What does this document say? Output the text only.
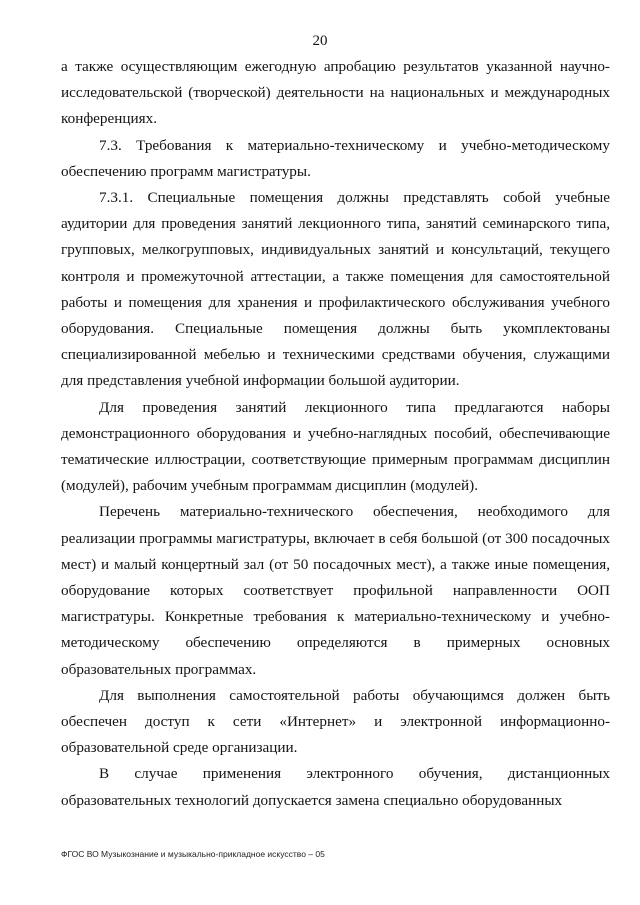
20

а также осуществляющим ежегодную апробацию результатов указанной научно-исследовательской (творческой) деятельности на национальных и международных конференциях.

7.3. Требования к материально-техническому и учебно-методическому обеспечению программ магистратуры.

7.3.1. Специальные помещения должны представлять собой учебные аудитории для проведения занятий лекционного типа, занятий семинарского типа, групповых, мелкогрупповых, индивидуальных занятий и консультаций, текущего контроля и промежуточной аттестации, а также помещения для самостоятельной работы и помещения для хранения и профилактического обслуживания учебного оборудования. Специальные помещения должны быть укомплектованы специализированной мебелью и техническими средствами обучения, служащими для представления учебной информации большой аудитории.

Для проведения занятий лекционного типа предлагаются наборы демонстрационного оборудования и учебно-наглядных пособий, обеспечивающие тематические иллюстрации, соответствующие примерным программам дисциплин (модулей), рабочим учебным программам дисциплин (модулей).

Перечень материально-технического обеспечения, необходимого для реализации программы магистратуры, включает в себя большой (от 300 посадочных мест) и малый концертный зал (от 50 посадочных мест), а также иные помещения, оборудование которых соответствует профильной направленности ООП магистратуры. Конкретные требования к материально-техническому и учебно-методическому обеспечению определяются в примерных основных образовательных программах.

Для выполнения самостоятельной работы обучающимся должен быть обеспечен доступ к сети «Интернет» и электронной информационно-образовательной среде организации.

В случае применения электронного обучения, дистанционных образовательных технологий допускается замена специально оборудованных

ФГОС ВО Музыкознание и музыкально-прикладное искусство – 05
